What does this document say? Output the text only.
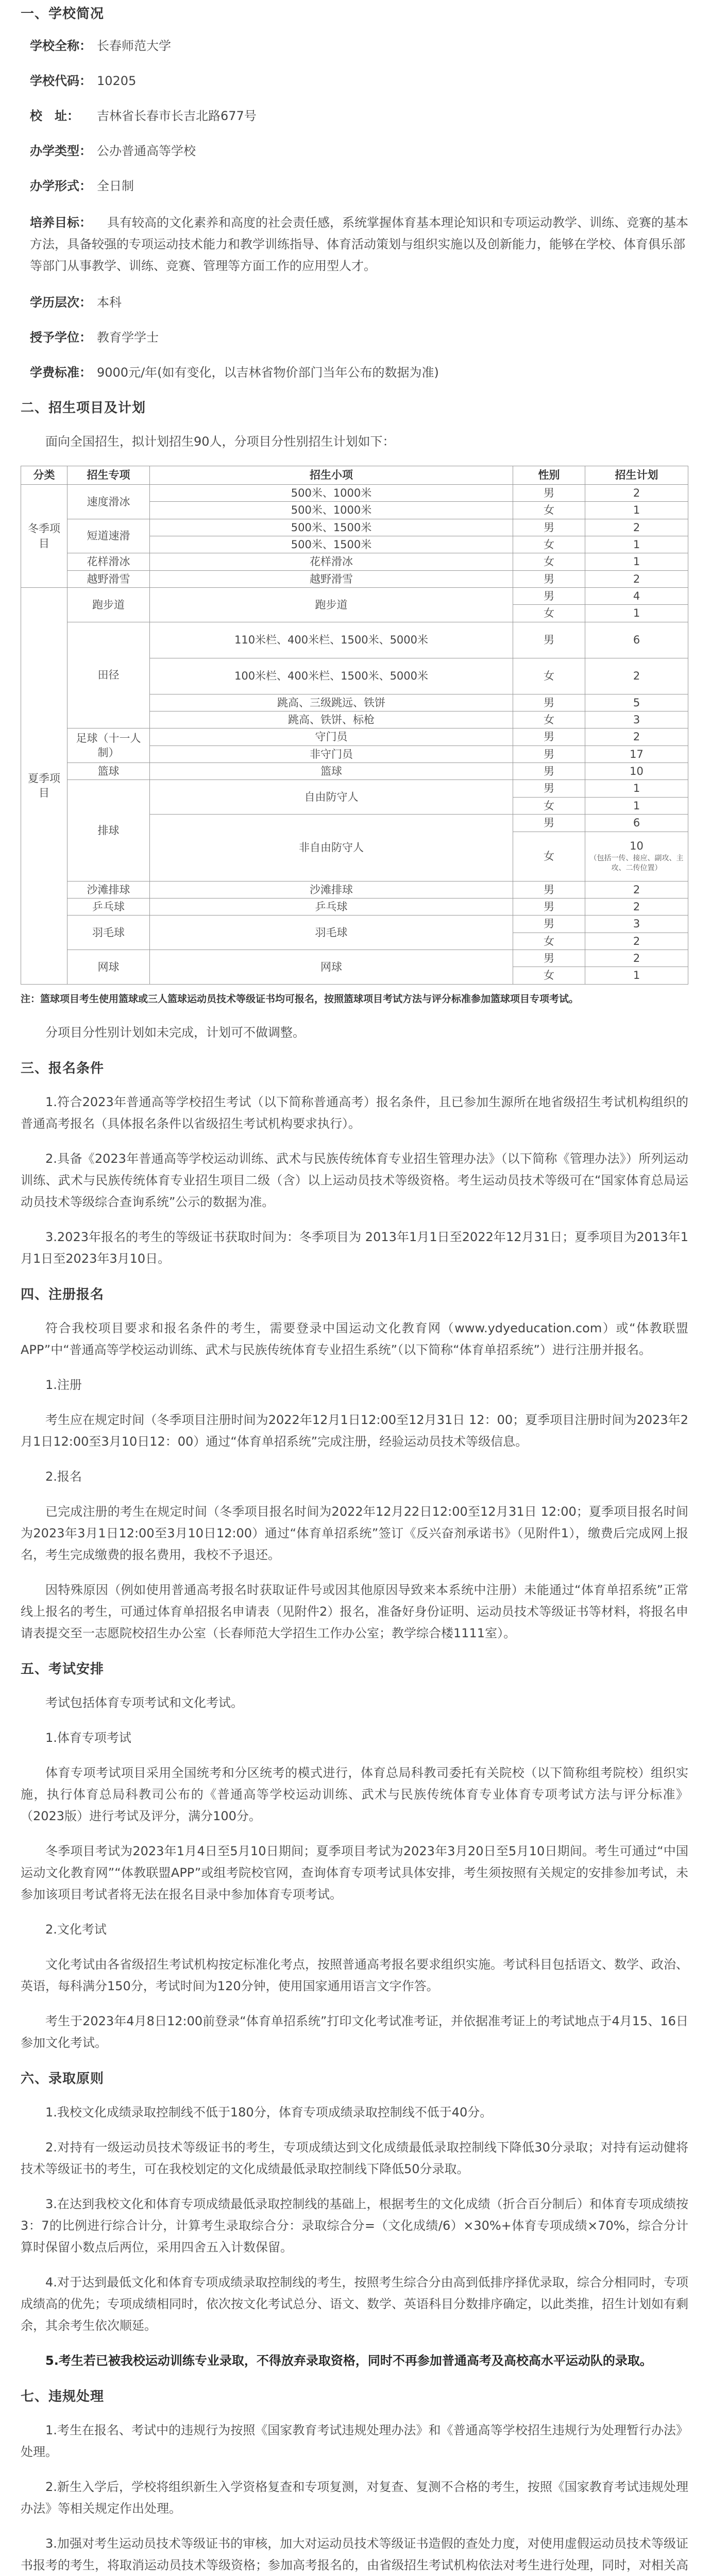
一、学校简况
学校全称： 长春师范大学
学校代码： 10205
校　址： 吉林省长春市长吉北路677号
办学类型： 公办普通高等学校
办学形式： 全日制
培养目标： 具有较高的文化素养和高度的社会责任感，系统掌握体育基本理论知识和专项运动教学、训练、竞赛的基本方法，具备较强的专项运动技术能力和教学训练指导、体育活动策划与组织实施以及创新能力，能够在学校、体育俱乐部等部门从事教学、训练、竞赛、管理等方面工作的应用型人才。
学历层次： 本科
授予学位： 教育学学士
学费标准： 9000元/年(如有变化，以吉林省物价部门当年公布的数据为准)
二、招生项目及计划
面向全国招生，拟计划招生90人，分项目分性别招生计划如下：
分类	招生专项	招生小项	性别	招生计划
冬季项目	速度滑冰	500米、1000米	男	2
		500米、1000米	女	1
	短道速滑	500米、1500米	男	2
		500米、1500米	女	1
	花样滑冰	花样滑冰	女	1
	越野滑雪	越野滑雪	男	2
夏季项目	跑步道	跑步道	男	4
			女	1
	田径	110米栏、400米栏、1500米、5000米	男	6
		100米栏、400米栏、1500米、5000米	女	2
		跳高、三级跳远、铁饼	男	5
		跳高、铁饼、标枪	女	3
	足球（十一人制）	守门员	男	2
		非守门员	男	17
	篮球	篮球	男	10
	排球	自由防守人	男	1
			女	1
		非自由防守人	男	6
			女	10
（包括一传、接应、副攻、主攻、二传位置）

	沙滩排球	沙滩排球	男	2
	乒乓球	乒乓球	男	2
	羽毛球	羽毛球	男	3
			女	2
	网球	网球	男	2
			女	1
注：篮球项目考生使用篮球或三人篮球运动员技术等级证书均可报名，按照篮球项目考试方法与评分标准参加篮球项目专项考试。
分项目分性别计划如未完成，计划可不做调整。
三、报名条件
1.符合2023年普通高等学校招生考试（以下简称普通高考）报名条件，且已参加生源所在地省级招生考试机构组织的普通高考报名（具体报名条件以省级招生考试机构要求执行）。
2.具备《2023年普通高等学校运动训练、武术与民族传统体育专业招生管理办法》（以下简称《管理办法》）所列运动训练、武术与民族传统体育专业招生项目二级（含）以上运动员技术等级资格。考生运动员技术等级可在“国家体育总局运动员技术等级综合查询系统”公示的数据为准。
3.2023年报名的考生的等级证书获取时间为：冬季项目为 2013年1月1日至2022年12月31日；夏季项目为2013年1月1日至2023年3月10日。
四、注册报名
符合我校项目要求和报名条件的考生，需要登录中国运动文化教育网（www.ydyeducation.com）或“体教联盟APP”中“普通高等学校运动训练、武术与民族传统体育专业招生系统”（以下简称“体育单招系统”）进行注册并报名。
1.注册
考生应在规定时间（冬季项目注册时间为2022年12月1日12:00至12月31日 12：00；夏季项目注册时间为2023年2月1日12:00至3月10日12：00）通过“体育单招系统”完成注册，经验运动员技术等级信息。
2.报名
已完成注册的考生在规定时间（冬季项目报名时间为2022年12月22日12:00至12月31日 12:00；夏季项目报名时间为2023年3月1日12:00至3月10日12:00）通过“体育单招系统”签订《反兴奋剂承诺书》（见附件1），缴费后完成网上报名，考生完成缴费的报名费用，我校不予退还。
因特殊原因（例如使用普通高考报名时获取证件号或因其他原因导致来本系统中注册）未能通过“体育单招系统”正常线上报名的考生，可通过体育单招报名申请表（见附件2）报名，准备好身份证明、运动员技术等级证书等材料，将报名申请表提交至一志愿院校招生办公室（长春师范大学招生工作办公室；教学综合楼1111室）。
五、考试安排
考试包括体育专项考试和文化考试。
1.体育专项考试
体育专项考试项目采用全国统考和分区统考的模式进行，体育总局科教司委托有关院校（以下简称组考院校）组织实施，执行体育总局科教司公布的《普通高等学校运动训练、武术与民族传统体育专业体育专项考试方法与评分标准》（2023版）进行考试及评分，满分100分。
冬季项目考试为2023年1月4日至5月10日期间；夏季项目考试为2023年3月20日至5月10日期间。考生可通过“中国运动文化教育网”“体教联盟APP”或组考院校官网，查询体育专项考试具体安排，考生须按照有关规定的安排参加考试，未参加该项目考试者将无法在报名目录中参加体育专项考试。
2.文化考试
文化考试由各省级招生考试机构按定标准化考点，按照普通高考报名要求组织实施。考试科目包括语文、数学、政治、英语，每科满分150分，考试时间为120分钟，使用国家通用语言文字作答。
考生于2023年4月8日12:00前登录“体育单招系统”打印文化考试准考证，并依据准考证上的考试地点于4月15、16日参加文化考试。
六、录取原则
1.我校文化成绩录取控制线不低于180分，体育专项成绩录取控制线不低于40分。
2.对持有一级运动员技术等级证书的考生，专项成绩达到文化成绩最低录取控制线下降低30分录取；对持有运动健将技术等级证书的考生，可在我校划定的文化成绩最低录取控制线下降低50分录取。
3.在达到我校文化和体育专项成绩最低录取控制线的基础上，根据考生的文化成绩（折合百分制后）和体育专项成绩按3：7的比例进行综合计分，计算考生录取综合分：录取综合分=（文化成绩/6）×30%+体育专项成绩×70%，综合分计算时保留小数点后两位，采用四舍五入计数保留。
4.对于达到最低文化和体育专项成绩录取控制线的考生，按照考生综合分由高到低排序择优录取，综合分相同时，专项成绩高的优先；专项成绩相同时，依次按文化考试总分、语文、数学、英语科目分数排序确定，以此类推，招生计划如有剩余，其余考生依次顺延。
5.考生若已被我校运动训练专业录取，不得放弃录取资格，同时不再参加普通高考及高校高水平运动队的录取。
七、违规处理
1.考生在报名、考试中的违规行为按照《国家教育考试违规处理办法》和《普通高等学校招生违规行为处理暂行办法》处理。
2.新生入学后，学校将组织新生入学资格复查和专项复测，对复查、复测不合格的考生，按照《国家教育考试违规处理办法》等相关规定作出处理。
3.加强对考生运动员技术等级证书的审核，加大对运动员技术等级证书造假的查处力度，对使用虚假运动员技术等级证书报考的考生，将取消运动员技术等级资格；参加高考报名的，由省级招生考试机构依法对考生进行处理，同时，对相关高
